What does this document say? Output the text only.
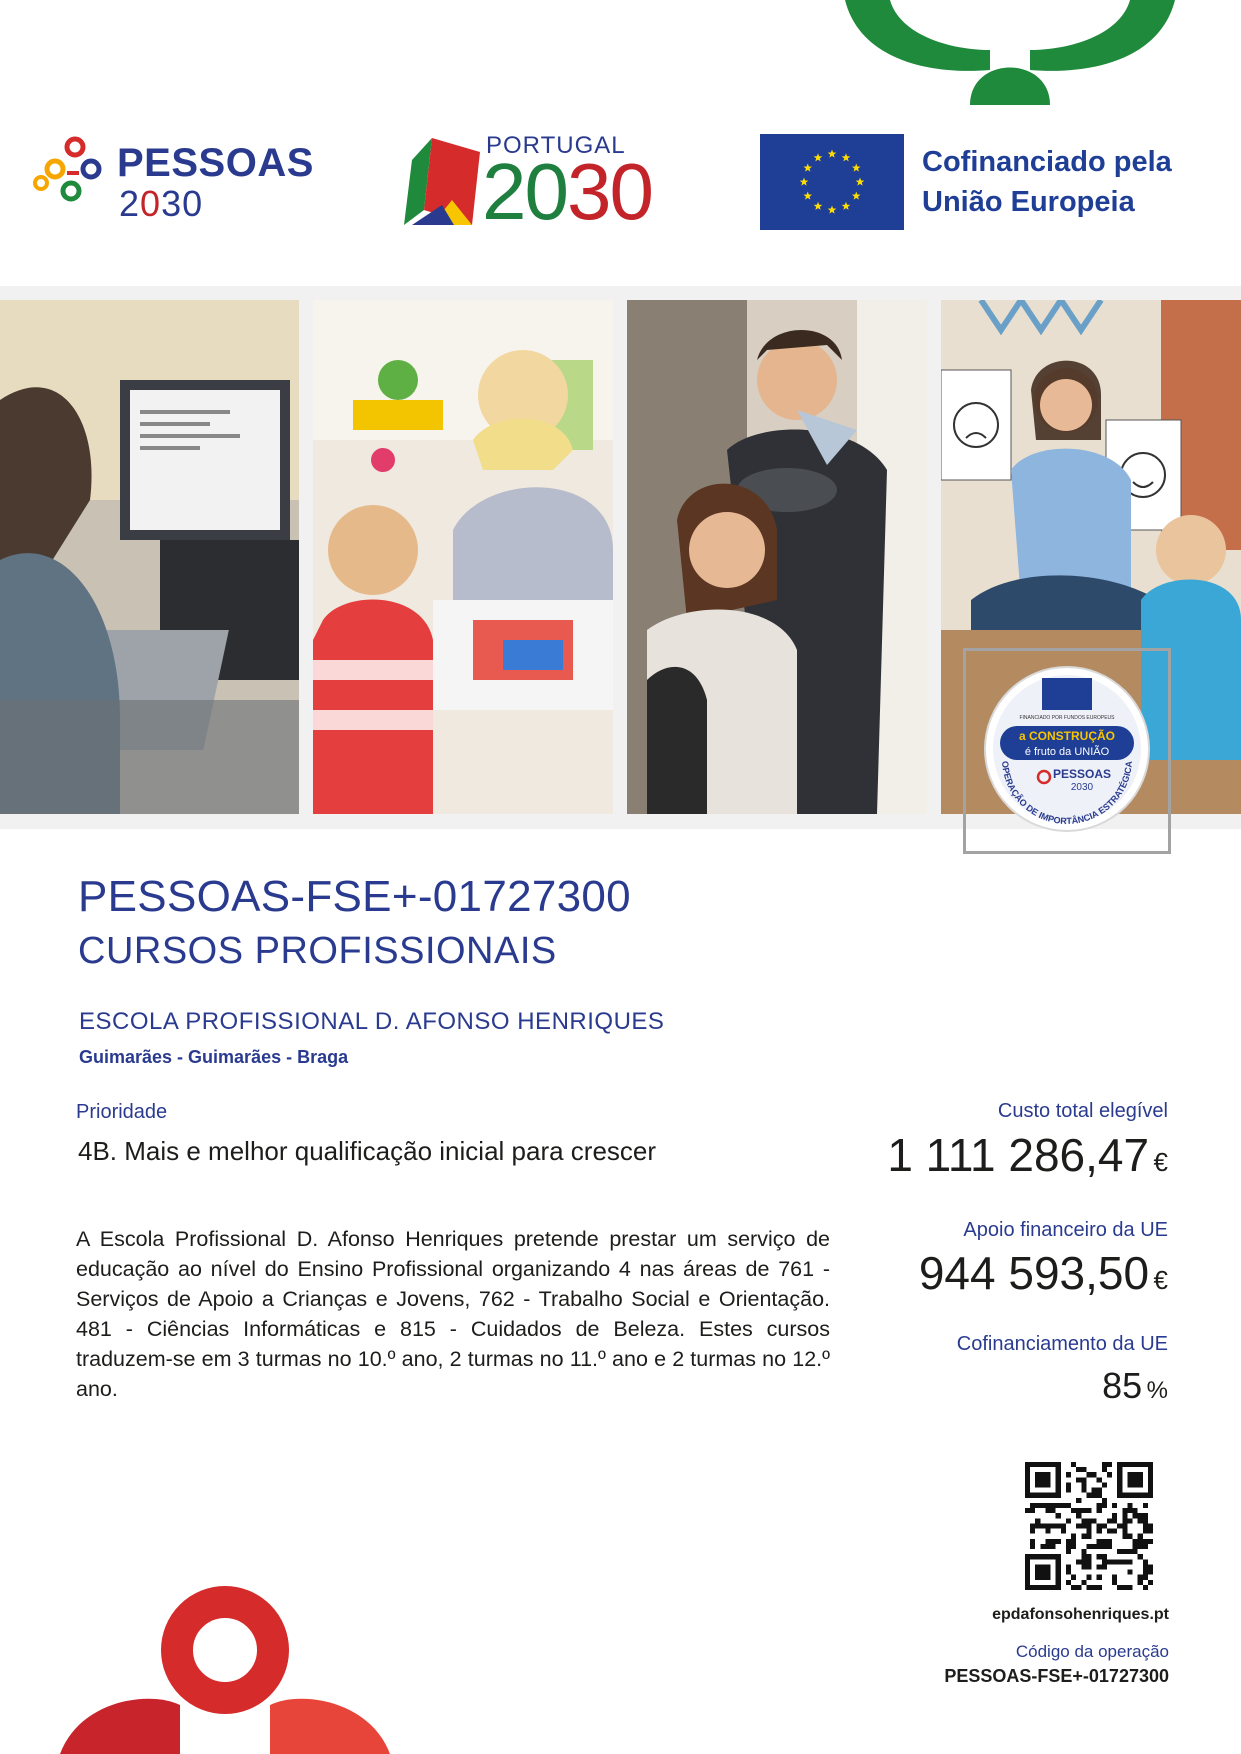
PESSOAS
2030
PORTUGAL
2030	Cofinanciado pela
União Europeia
FINANCIADO POR FUNDOS EUROPEUS
a CONSTRUÇÃO
é fruto da UNIÃO
PESSOAS
2030
OPERAÇÃO DE IMPORTÂNCIA ESTRATÉGICA
PESSOAS-FSE+-01727300
CURSOS PROFISSIONAIS
ESCOLA PROFISSIONAL D. AFONSO HENRIQUES
Guimarães - Guimarães - Braga
Prioridade
4B. Mais e melhor qualificação inicial para crescer
A Escola Profissional D. Afonso Henriques pretende prestar um serviço de educação ao nível do Ensino Profissional organizando 4 nas áreas de 761 - Serviços de Apoio a Crianças e Jovens, 762 - Trabalho Social e Orientação. 481 - Ciências Informáticas e 815 - Cuidados de Beleza. Estes cursos traduzem-se em 3 turmas no 10.º ano, 2 turmas no 11.º ano e 2 turmas no 12.º ano.
Custo total elegível
1 111 286,47 €
Apoio financeiro da UE
944 593,50 €
Cofinanciamento da UE
85 %
epdafonsohenriques.pt
Código da operação
PESSOAS-FSE+-01727300
